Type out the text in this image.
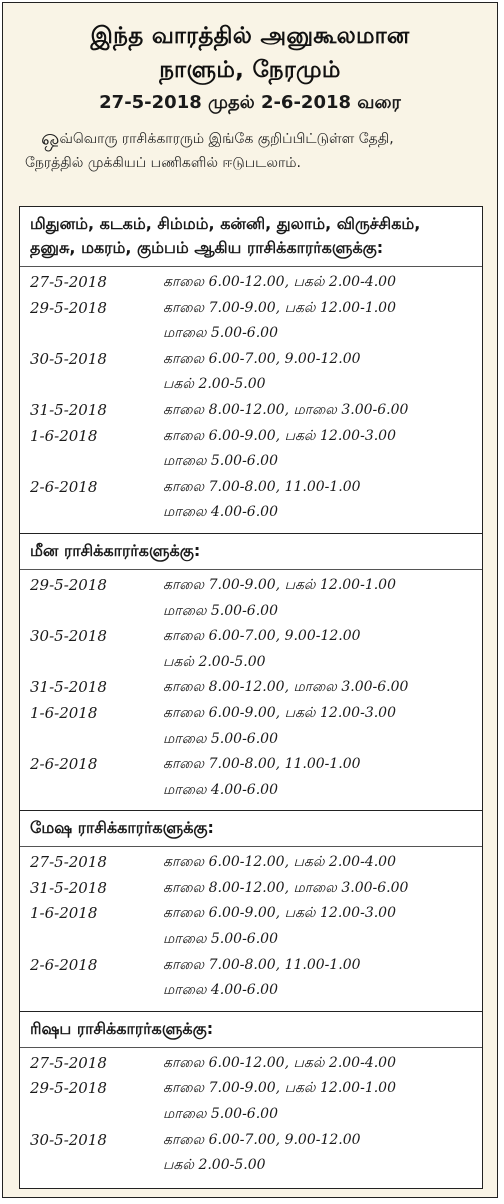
இந்த வாரத்தில் அனுகூலமான
நாளும், நேரமும்
27-5-2018 முதல் 2-6-2018 வரை
ஒவ்வொரு ராசிக்காரரும் இங்கே குறிப்பிட்டுள்ள தேதி,
நேரத்தில் முக்கியப் பணிகளில் ஈடுபடலாம்.
மிதுனம், கடகம், சிம்மம், கன்னி, துலாம், விருச்சிகம்,
தனுசு, மகரம், கும்பம் ஆகிய ராசிக்காரர்களுக்கு:
27-5-2018	காலை 6.00-12.00, பகல் 2.00-4.00
29-5-2018	காலை 7.00-9.00, பகல் 12.00-1.00
மாலை 5.00-6.00
30-5-2018	காலை 6.00-7.00, 9.00-12.00
பகல் 2.00-5.00
31-5-2018	காலை 8.00-12.00, மாலை 3.00-6.00
1-6-2018	காலை 6.00-9.00, பகல் 12.00-3.00
மாலை 5.00-6.00
2-6-2018	காலை 7.00-8.00, 11.00-1.00
மாலை 4.00-6.00
மீன ராசிக்காரர்களுக்கு:
29-5-2018	காலை 7.00-9.00, பகல் 12.00-1.00
மாலை 5.00-6.00
30-5-2018	காலை 6.00-7.00, 9.00-12.00
பகல் 2.00-5.00
31-5-2018	காலை 8.00-12.00, மாலை 3.00-6.00
1-6-2018	காலை 6.00-9.00, பகல் 12.00-3.00
மாலை 5.00-6.00
2-6-2018	காலை 7.00-8.00, 11.00-1.00
மாலை 4.00-6.00
மேஷ ராசிக்காரர்களுக்கு:
27-5-2018	காலை 6.00-12.00, பகல் 2.00-4.00
31-5-2018	காலை 8.00-12.00, மாலை 3.00-6.00
1-6-2018	காலை 6.00-9.00, பகல் 12.00-3.00
மாலை 5.00-6.00
2-6-2018	காலை 7.00-8.00, 11.00-1.00
மாலை 4.00-6.00
ரிஷப ராசிக்காரர்களுக்கு:
27-5-2018	காலை 6.00-12.00, பகல் 2.00-4.00
29-5-2018	காலை 7.00-9.00, பகல் 12.00-1.00
மாலை 5.00-6.00
30-5-2018	காலை 6.00-7.00, 9.00-12.00
பகல் 2.00-5.00
